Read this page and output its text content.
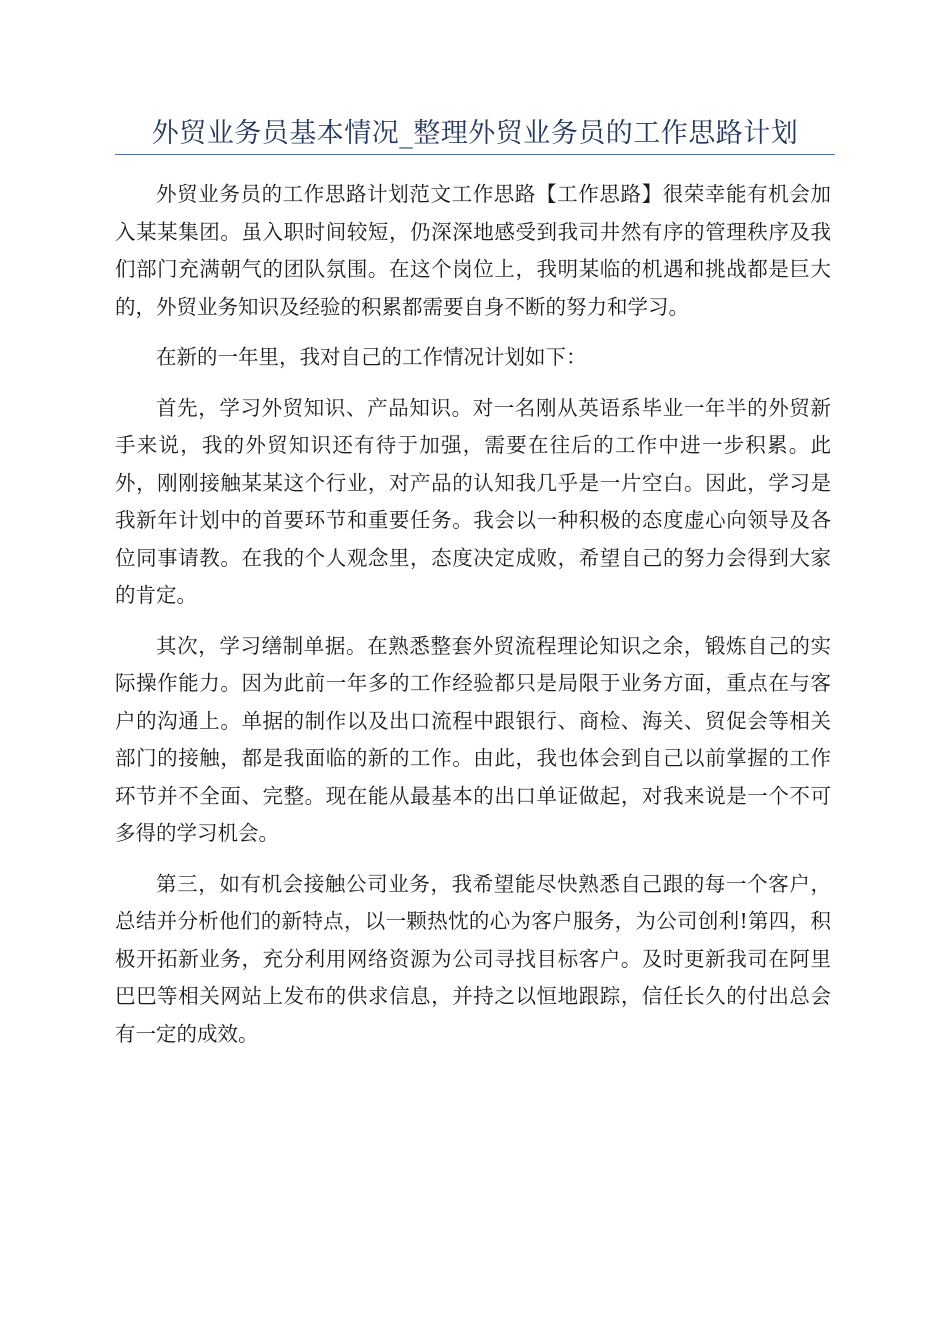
外贸业务员基本情况_整理外贸业务员的工作思路计划

外贸业务员的工作思路计划范文工作思路【工作思路】很荣幸能有机会加入某某集团。虽入职时间较短，仍深深地感受到我司井然有序的管理秩序及我们部门充满朝气的团队氛围。在这个岗位上，我明某临的机遇和挑战都是巨大的，外贸业务知识及经验的积累都需要自身不断的努力和学习。

在新的一年里，我对自己的工作情况计划如下：

首先，学习外贸知识、产品知识。对一名刚从英语系毕业一年半的外贸新手来说，我的外贸知识还有待于加强，需要在往后的工作中进一步积累。此外，刚刚接触某某这个行业，对产品的认知我几乎是一片空白。因此，学习是我新年计划中的首要环节和重要任务。我会以一种积极的态度虚心向领导及各位同事请教。在我的个人观念里，态度决定成败，希望自己的努力会得到大家的肯定。

其次，学习缮制单据。在熟悉整套外贸流程理论知识之余，锻炼自己的实际操作能力。因为此前一年多的工作经验都只是局限于业务方面，重点在与客户的沟通上。单据的制作以及出口流程中跟银行、商检、海关、贸促会等相关部门的接触，都是我面临的新的工作。由此，我也体会到自己以前掌握的工作环节并不全面、完整。现在能从最基本的出口单证做起，对我来说是一个不可多得的学习机会。

第三，如有机会接触公司业务，我希望能尽快熟悉自己跟的每一个客户，总结并分析他们的新特点，以一颗热忱的心为客户服务，为公司创利!第四，积极开拓新业务，充分利用网络资源为公司寻找目标客户。及时更新我司在阿里巴巴等相关网站上发布的供求信息，并持之以恒地跟踪，信任长久的付出总会有一定的成效。
